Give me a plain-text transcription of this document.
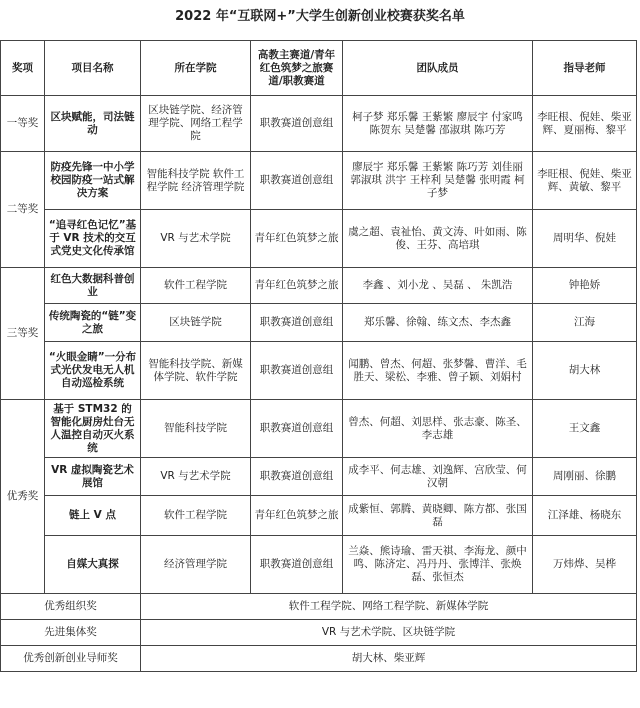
2022 年“互联网+”大学生创新创业校赛获奖名单
奖项	项目名称	所在学院	高教主赛道/青年红色筑梦之旅赛道/职教赛道	团队成员	指导老师
一等奖	区块赋能，司法链动	区块链学院、经济管理学院、网络工程学院	职教赛道创意组	柯子梦 郑乐馨 王紫繁 廖辰宇 付家鸣 陈贺东 吴楚馨 邵淑琪 陈巧芳	李旺根、倪娃、柴亚辉、夏丽梅、黎平
二等奖	防疫先锋一中小学校园防疫一站式解决方案	智能科技学院 软件工程学院 经济管理学院	职教赛道创意组	廖辰宇 郑乐馨 王紫繁 陈巧芳 刘佳丽 郭淑琪 洪宇 王梓利 吴楚馨 张明霞 柯子梦	李旺根、倪娃、柴亚辉、黄敏、黎平
	“追寻红色记忆”基于 VR 技术的交互式党史文化传承馆	VR 与艺术学院	青年红色筑梦之旅	虞之超、袁祉怡、黄文涛、叶如雨、陈俊、王芬、高培琪	周明华、倪娃
三等奖	红色大数据科普创业	软件工程学院	青年红色筑梦之旅	李鑫 、刘小龙 、吴磊 、 朱凯浩	钟艳娇
	传统陶瓷的“链”变之旅	区块链学院	职教赛道创意组	郑乐馨、徐翰、练文杰、李杰鑫	江海
	“火眼金睛”一分布式光伏发电无人机自动巡检系统	智能科技学院、新媒体学院、软件学院	职教赛道创意组	闻鹏、曾杰、何超、张梦馨、曹洋、毛胜天、梁松、李雅、曾子颖、刘娟村	胡大林
优秀奖	基于 STM32 的智能化厨房灶台无人温控自动灭火系统	智能科技学院	职教赛道创意组	曾杰、何超、刘思样、张志豪、陈圣、李志雄	王文鑫
	VR 虚拟陶瓷艺术展馆	VR 与艺术学院	职教赛道创意组	成李平、何志雄、刘逸辉、宫欣莹、何汉朝	周刚丽、徐鹏
	链上 V 点	软件工程学院	青年红色筑梦之旅	成紫恒、郭腾、黄晓卿、陈方都、张国磊	江泽雄、杨晓东
	自媒大真探	经济管理学院	职教赛道创意组	兰焱、熊诗瑜、雷天祺、李海龙、颜中鸣、陈济定、冯丹丹、张博洋、张焕磊、张恒杰	万炜烨、吴桦
优秀组织奖		软件工程学院、网络工程学院、新媒体学院			
先进集体奖		VR 与艺术学院、区块链学院			
优秀创新创业导师奖		胡大林、柴亚辉			
